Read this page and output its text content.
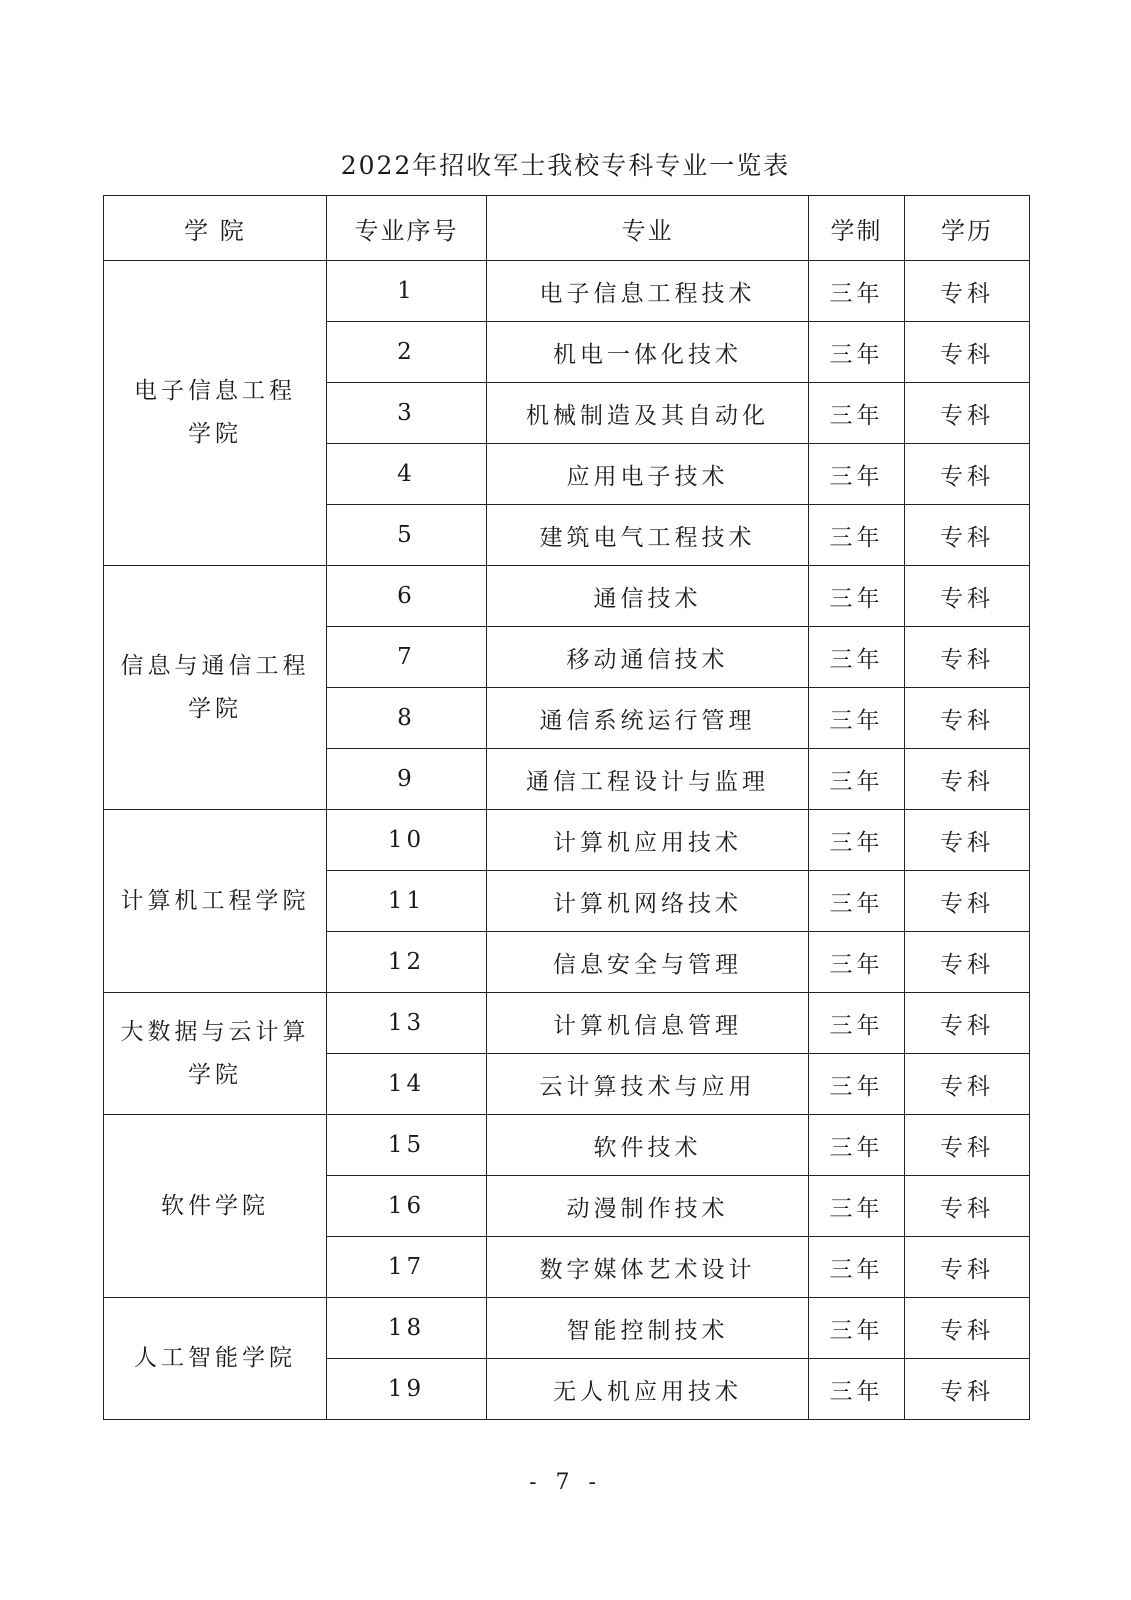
2022年招收军士我校专科专业一览表
学 院	专业序号	专业	学制	学历
电子信息工程
学院	1	电子信息工程技术	三年	专科
	2	机电一体化技术	三年	专科
	3	机械制造及其自动化	三年	专科
	4	应用电子技术	三年	专科
	5	建筑电气工程技术	三年	专科
信息与通信工程
学院	6	通信技术	三年	专科
	7	移动通信技术	三年	专科
	8	通信系统运行管理	三年	专科
	9	通信工程设计与监理	三年	专科
计算机工程学院	10	计算机应用技术	三年	专科
	11	计算机网络技术	三年	专科
	12	信息安全与管理	三年	专科
大数据与云计算
学院	13	计算机信息管理	三年	专科
	14	云计算技术与应用	三年	专科
软件学院	15	软件技术	三年	专科
	16	动漫制作技术	三年	专科
	17	数字媒体艺术设计	三年	专科
人工智能学院	18	智能控制技术	三年	专科
	19	无人机应用技术	三年	专科
- 7 -
